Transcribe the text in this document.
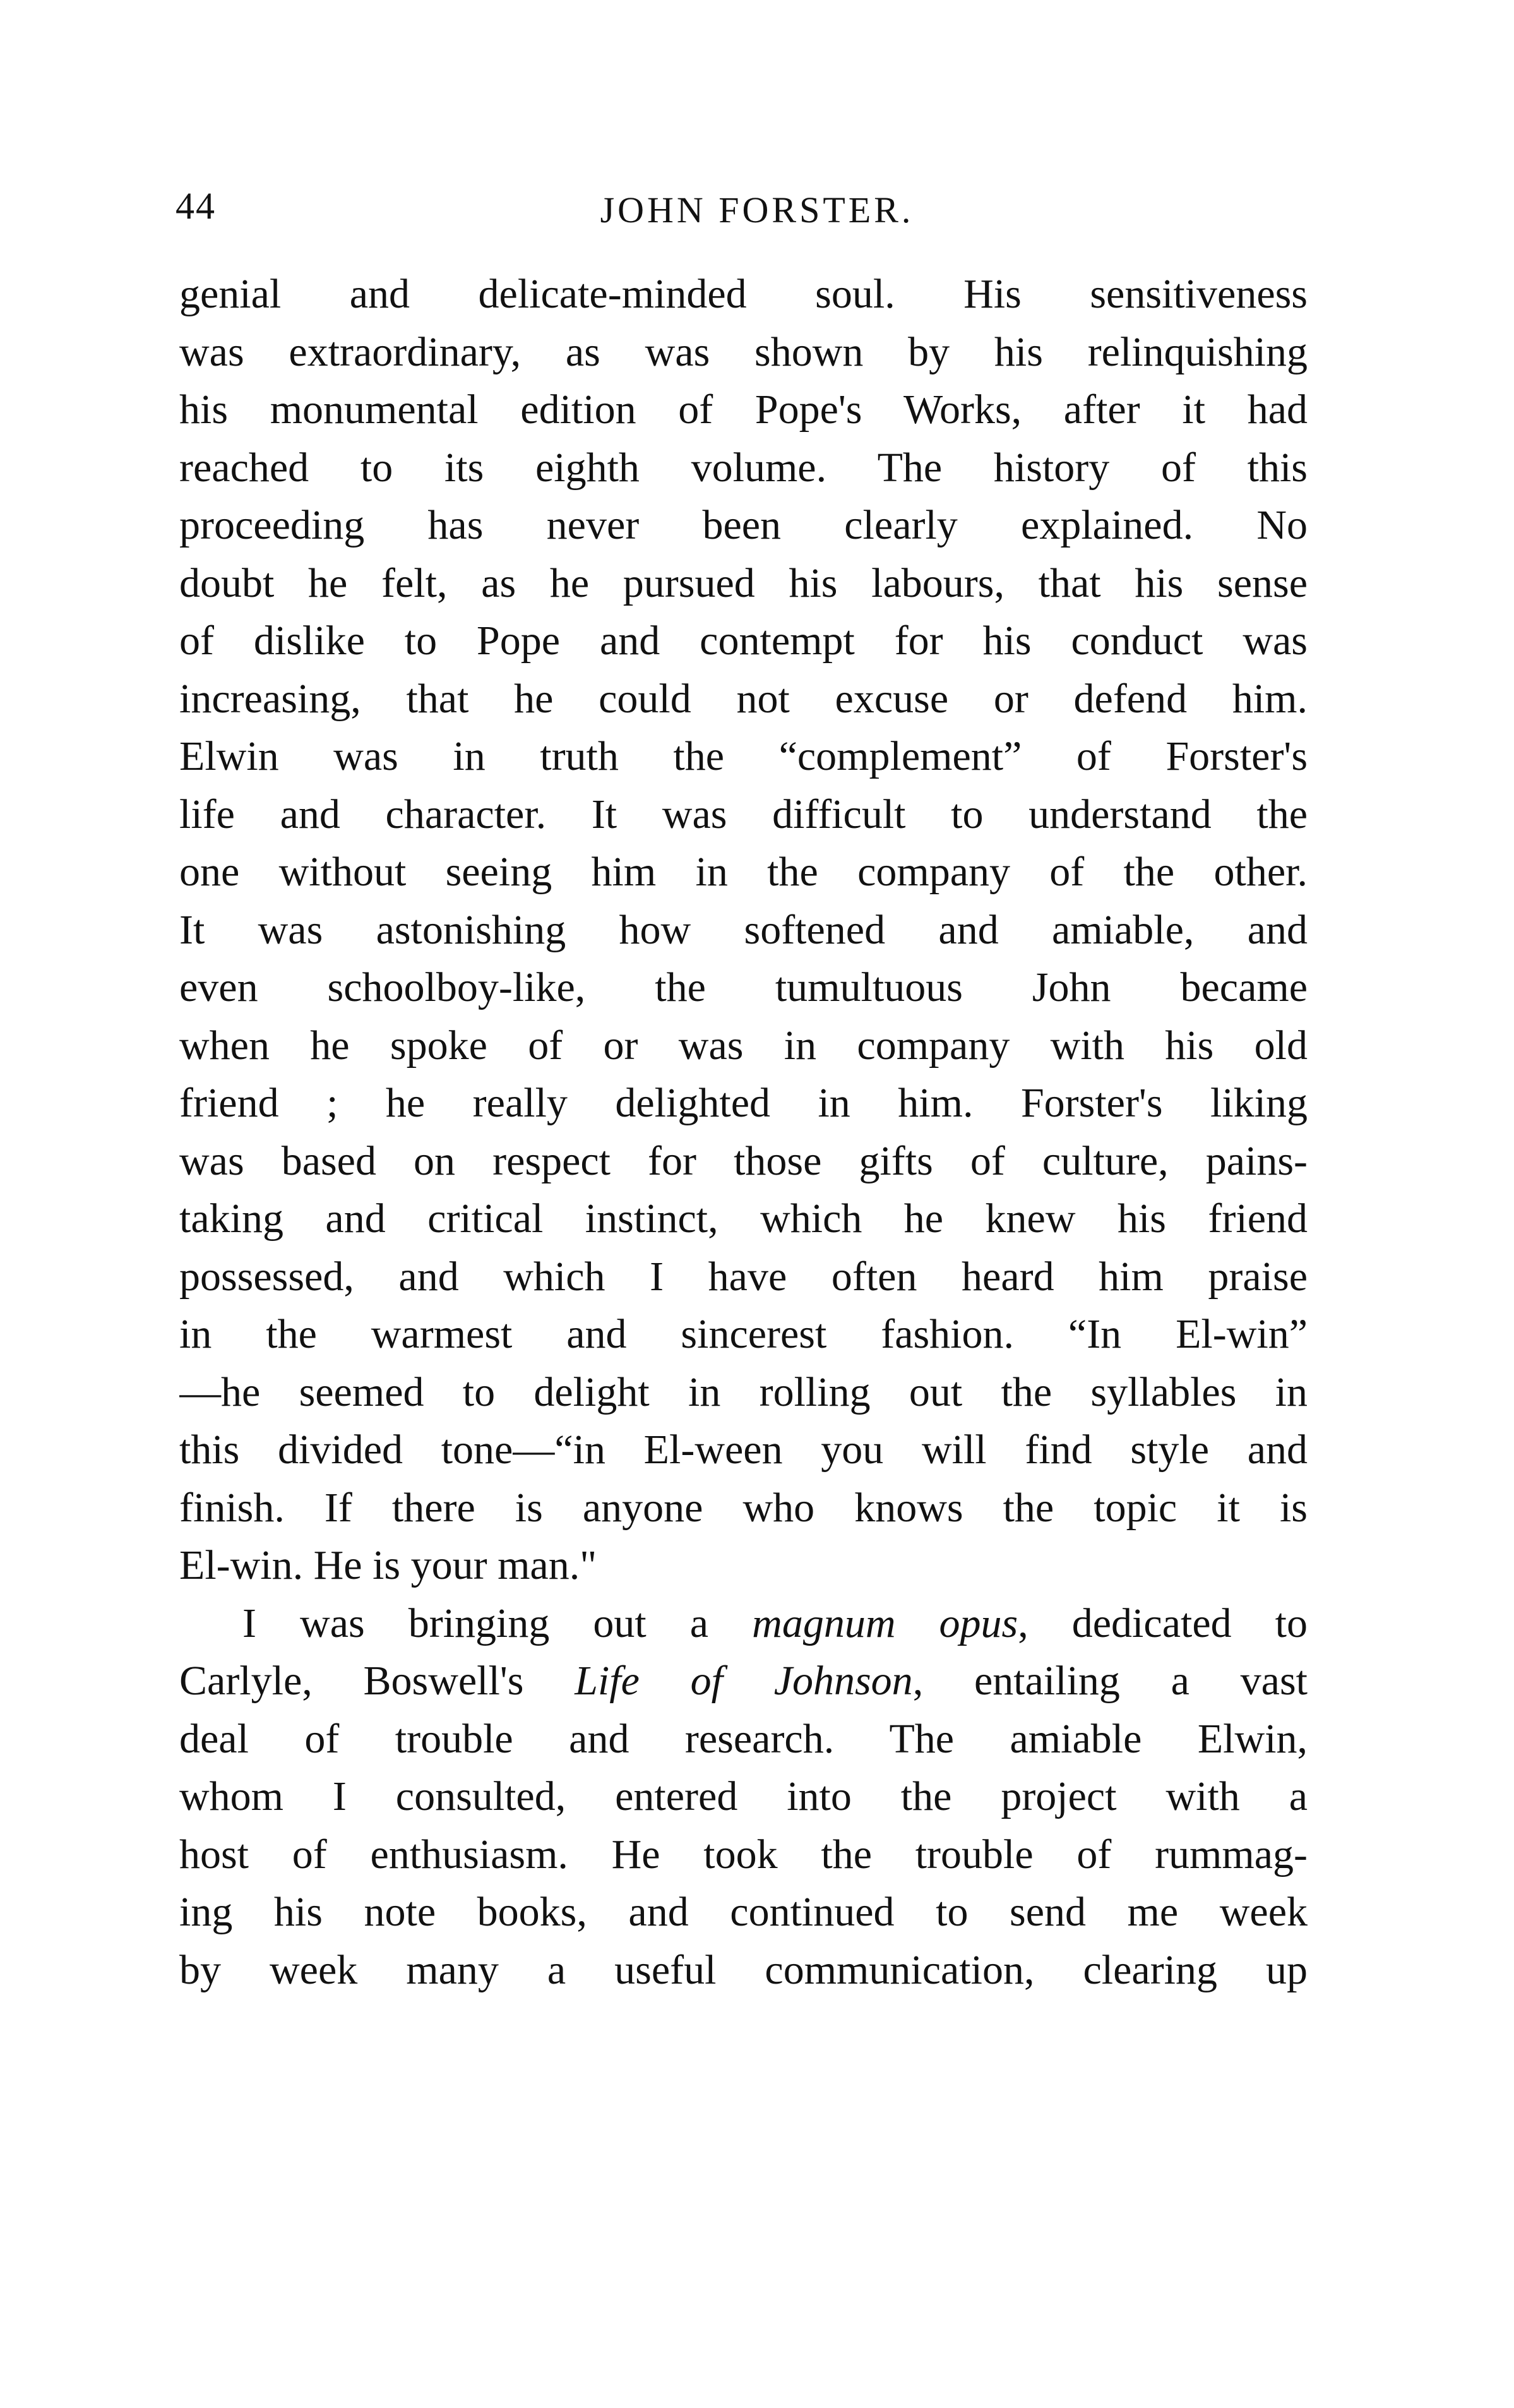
44	JOHN FORSTER.
genial and delicate-minded soul. His sensitiveness
was extraordinary, as was shown by his relinquishing
his monumental edition of Pope's Works, after it had
reached to its eighth volume. The history of this
proceeding has never been clearly explained. No
doubt he felt, as he pursued his labours, that his sense
of dislike to Pope and contempt for his conduct was
increasing, that he could not excuse or defend him.
Elwin was in truth the “complement” of Forster's
life and character. It was difficult to understand the
one without seeing him in the company of the other.
It was astonishing how softened and amiable, and
even schoolboy-like, the tumultuous John became
when he spoke of or was in company with his old
friend ; he really delighted in him. Forster's liking
was based on respect for those gifts of culture, pains-
taking and critical instinct, which he knew his friend
possessed, and which I have often heard him praise
in the warmest and sincerest fashion. “In El-win”
—he seemed to delight in rolling out the syllables in
this divided tone—“in El-ween you will find style and
finish. If there is anyone who knows the topic it is
El-win. He is your man."
I was bringing out a magnum opus, dedicated to
Carlyle, Boswell's Life of Johnson, entailing a vast
deal of trouble and research. The amiable Elwin,
whom I consulted, entered into the project with a
host of enthusiasm. He took the trouble of rummag-
ing his note books, and continued to send me week
by week many a useful communication, clearing up
